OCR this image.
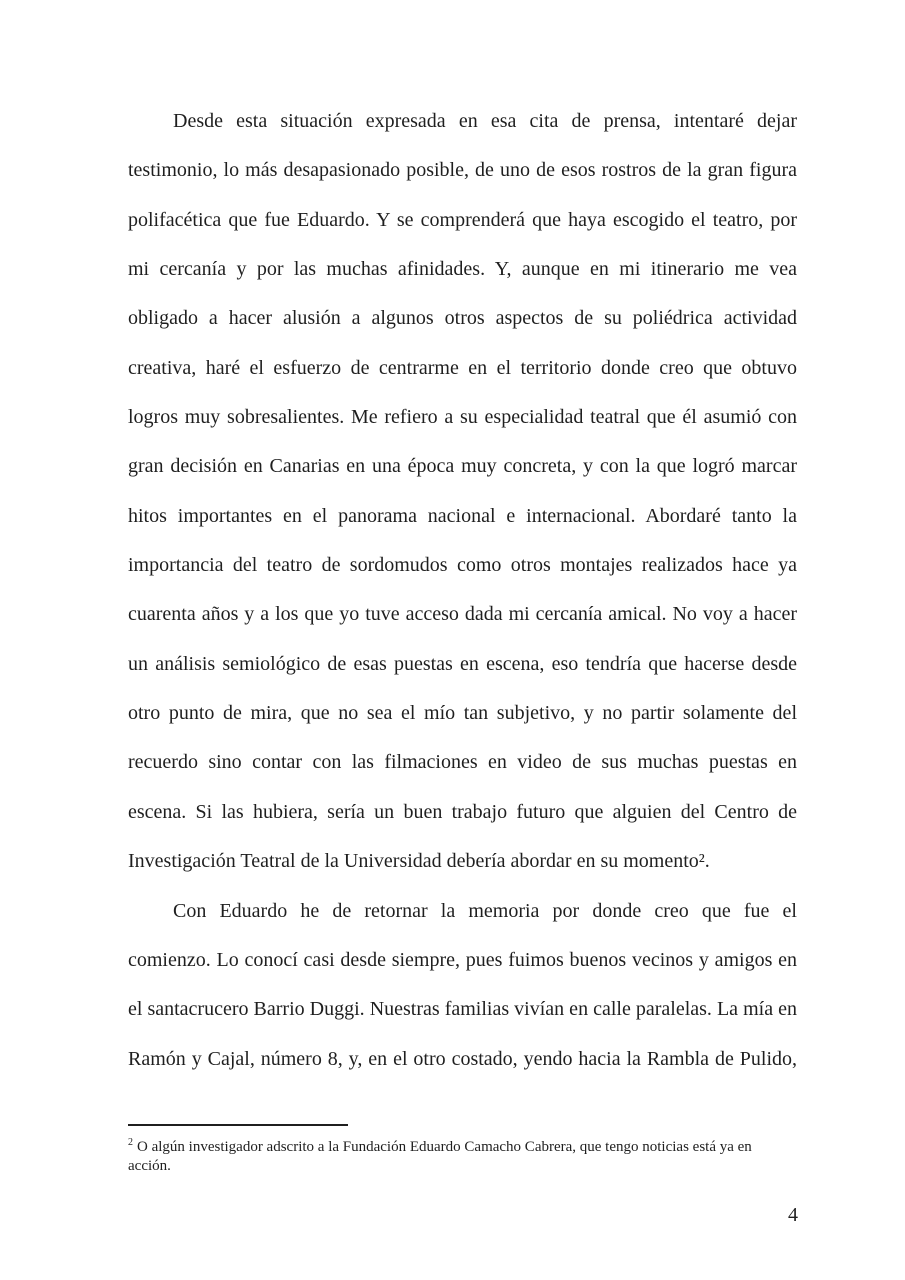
Desde esta situación expresada en esa cita de prensa, intentaré dejar
testimonio, lo más desapasionado posible, de uno de esos rostros de la gran figura
polifacética que fue Eduardo. Y se comprenderá que haya escogido el teatro, por
mi cercanía y por las muchas afinidades. Y, aunque en mi itinerario me vea
obligado a hacer alusión a algunos otros aspectos de su poliédrica actividad
creativa, haré el esfuerzo de centrarme en el territorio donde creo que obtuvo
logros muy sobresalientes. Me refiero a su especialidad teatral que él asumió con
gran decisión en Canarias en una época muy concreta, y con la que logró marcar
hitos importantes en el panorama nacional e internacional. Abordaré tanto la
importancia del teatro de sordomudos como otros montajes realizados hace ya
cuarenta años y a los que yo tuve acceso dada mi cercanía amical. No voy a hacer
un análisis semiológico de esas puestas en escena, eso tendría que hacerse desde
otro punto de mira, que no sea el mío tan subjetivo, y no partir solamente del
recuerdo sino contar con las filmaciones en video de sus muchas puestas en
escena. Si las hubiera, sería un buen trabajo futuro que alguien del Centro de
Investigación Teatral de la Universidad debería abordar en su momento².
Con Eduardo he de retornar la memoria por donde creo que fue el
comienzo. Lo conocí casi desde siempre, pues fuimos buenos vecinos y amigos en
el santacrucero Barrio Duggi. Nuestras familias vivían en calle paralelas. La mía en
Ramón y Cajal, número 8, y, en el otro costado, yendo hacia la Rambla de Pulido,
$^2$ O algún investigador adscrito a la Fundación Eduardo Camacho Cabrera, que tengo noticias está ya en
acción.
4
